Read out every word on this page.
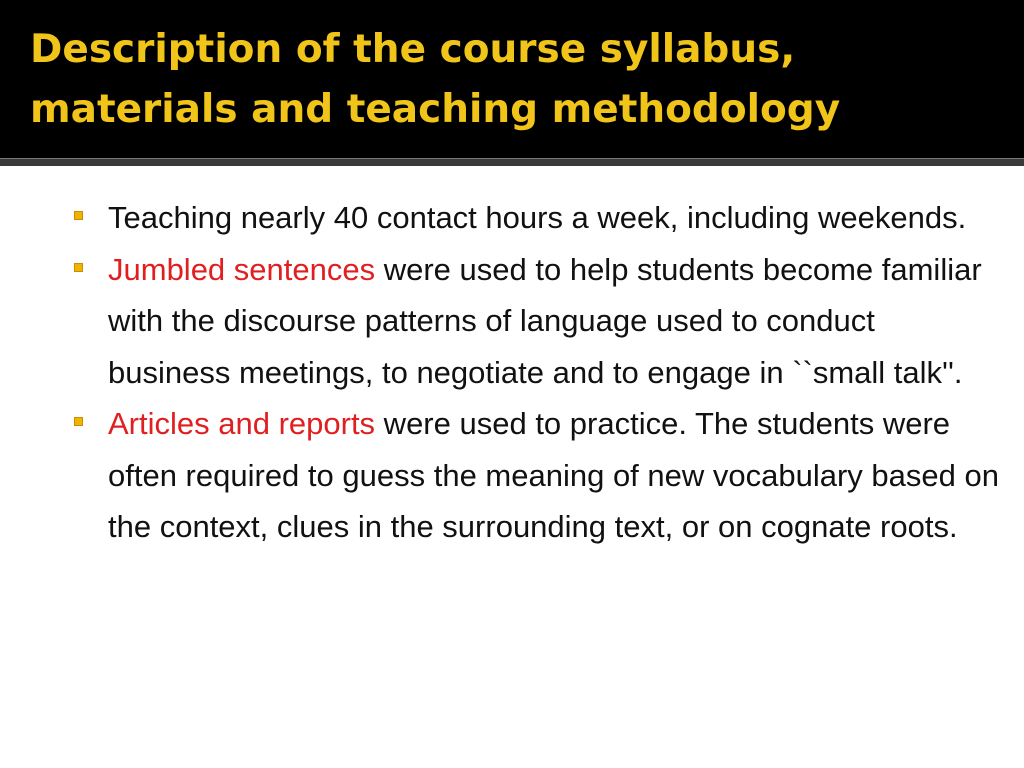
Description of the course syllabus, materials and teaching methodology
Teaching nearly 40 contact hours a week, including weekends.
Jumbled sentences were used to help students become familiar with the discourse patterns of language used to conduct business meetings, to negotiate and to engage in ``small talk''.
Articles and reports were used to practice. The students were often required to guess the meaning of new vocabulary based on the context, clues in the surrounding text, or on cognate roots.
